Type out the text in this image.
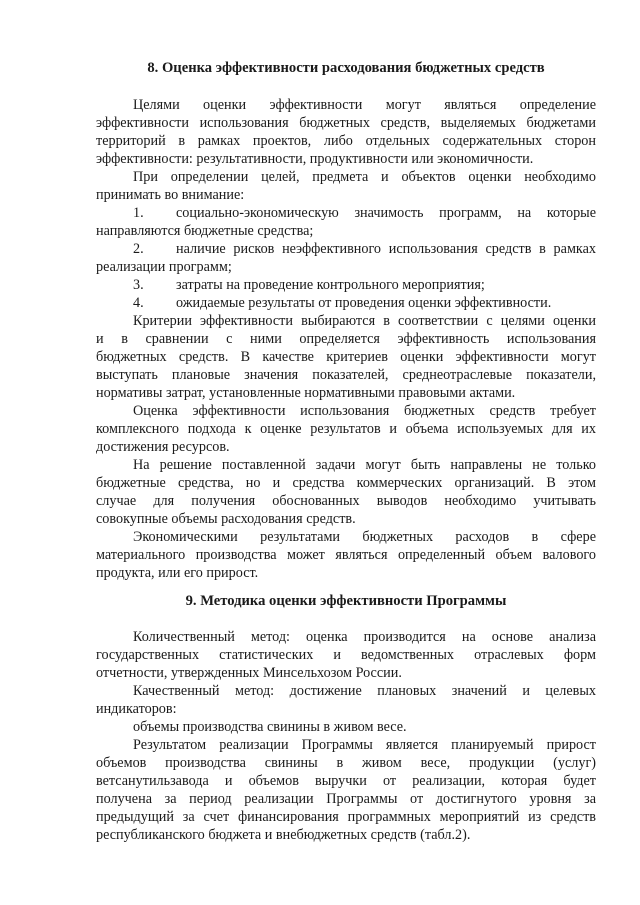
8. Оценка эффективности расходования бюджетных средств
Целями оценки эффективности могут являться определение
эффективности использования бюджетных средств, выделяемых бюджетами
территорий в рамках проектов, либо отдельных содержательных сторон
эффективности: результативности, продуктивности или экономичности.
При определении целей, предмета и объектов оценки необходимо
принимать во внимание:
1.	социально-экономическую значимость программ, на которые
направляются бюджетные средства;
2.	наличие рисков неэффективного использования средств в рамках
реализации программ;
3. затраты на проведение контрольного мероприятия;
4. ожидаемые результаты от проведения оценки эффективности.
Критерии эффективности выбираются в соответствии с целями оценки
и в сравнении с ними определяется эффективность использования
бюджетных средств. В качестве критериев оценки эффективности могут
выступать плановые значения показателей, среднеотраслевые показатели,
нормативы затрат, установленные нормативными правовыми актами.
Оценка эффективности использования бюджетных средств требует
комплексного подхода к оценке результатов и объема используемых для их
достижения ресурсов.
На решение поставленной задачи могут быть направлены не только
бюджетные средства, но и средства коммерческих организаций. В этом
случае для получения обоснованных выводов необходимо учитывать
совокупные объемы расходования средств.
Экономическими результатами бюджетных расходов в сфере
материального производства может являться определенный объем валового
продукта, или его прирост.
9. Методика оценки эффективности Программы
Количественный метод: оценка производится на основе анализа
государственных статистических и ведомственных отраслевых форм
отчетности, утвержденных Минсельхозом России.
Качественный метод: достижение плановых значений и целевых
индикаторов:
объемы производства свинины в живом весе.
Результатом реализации Программы является планируемый прирост
объемов производства свинины в живом весе, продукции (услуг)
ветсанутильзавода и объемов выручки от реализации, которая будет
получена за период реализации Программы от достигнутого уровня за
предыдущий за счет финансирования программных мероприятий из средств
республиканского бюджета и внебюджетных средств (табл.2).
